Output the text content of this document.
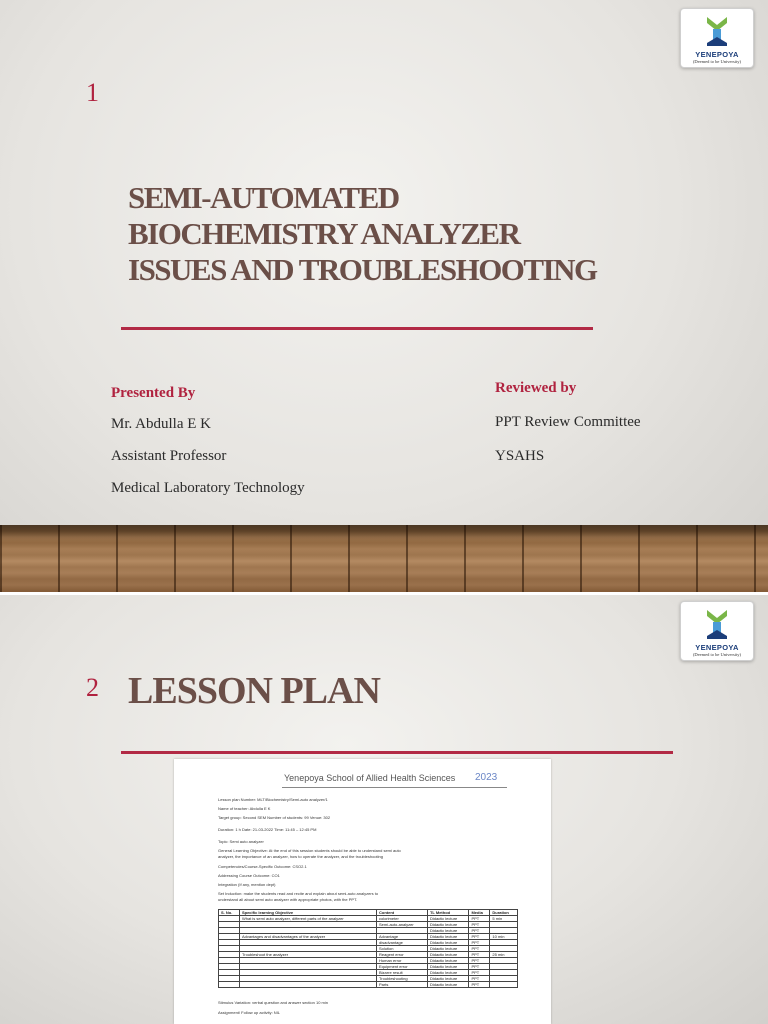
YENEPOYA
(Deemed to be University)
1
SEMI-AUTOMATED
BIOCHEMISTRY ANALYZER
ISSUES AND TROUBLESHOOTING
Presented By
Mr. Abdulla E K
Assistant Professor
Medical Laboratory Technology
Reviewed by
PPT Review Committee
YSAHS
YENEPOYA
(Deemed to be University)
2 LESSON PLAN
Yenepoya School of Allied Health Sciences 2023
Lesson plan Number: MLT/Biochemistry/Semi-auto analyzer/1
Name of teacher: Abdulla E K
Target group: Second SEM Number of students: 99 Venue: 302
Duration: 1 h Date: 21-03-2022 Time: 11:45 – 12:45 PM
Topic: Semi auto analyzer
General Learning Objective: At the end of this session students should be able to understand semi auto
analyzer, the importance of an analyzer, how to operate the analyzer, and the troubleshooting
Competencies/Course-Specific Outcome: CSO2.1
Addressing Course Outcome: CO1
Integration (If any, mention dept)
Set Induction: make the students read and recite and explain about semi-auto analyzers to
understand all about semi auto analyzer with appropriate photos, with the PPT.
S. No.	Specific learning Objective	Content	TL Method	Media	Duration
	What is semi auto analyzer, different parts of the analyzer	colorimeter	Didactic lecture	PPT	5 min
		Semi-auto-analyzer	Didactic lecture	PPT	
			Didactic lecture	PPT	
	Advantages and disadvantages of the analyzer	Advantage	Didactic lecture	PPT	10 min
		disadvantage	Didactic lecture	PPT	
		Solution	Didactic lecture	PPT	
	Troubleshoot the analyzer	Reagent error	Didactic lecture	PPT	25 min
		Human error	Didactic lecture	PPT	
		Equipment error	Didactic lecture	PPT	
		Bizarre result	Didactic lecture	PPT	
		Troubleshooting	Didactic lecture	PPT	
		Parts	Didactic lecture	PPT	
Stimulus Variation: verbal question and answer section 10 min
Assignment/ Follow up activity: NIL
